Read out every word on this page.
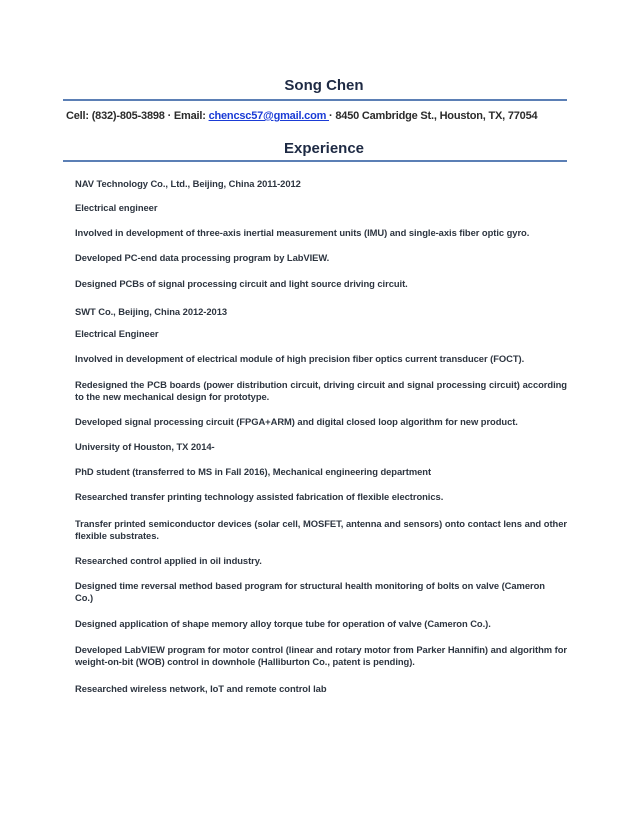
Song Chen
Cell: (832)-805-3898 · Email: chencsc57@gmail.com · 8450 Cambridge St., Houston, TX, 77054
Experience
NAV Technology Co., Ltd., Beijing, China 2011-2012
Electrical engineer
Involved in development of three-axis inertial measurement units (IMU) and single-axis fiber optic gyro.
Developed PC-end data processing program by LabVIEW.
Designed PCBs of signal processing circuit and light source driving circuit.
SWT Co., Beijing, China 2012-2013
Electrical Engineer
Involved in development of electrical module of high precision fiber optics current transducer (FOCT).
Redesigned the PCB boards (power distribution circuit, driving circuit and signal processing circuit) according to the new mechanical design for prototype.
Developed signal processing circuit (FPGA+ARM) and digital closed loop algorithm for new product.
University of Houston, TX 2014-
PhD student (transferred to MS in Fall 2016), Mechanical engineering department
Researched transfer printing technology assisted fabrication of flexible electronics.
Transfer printed semiconductor devices (solar cell, MOSFET, antenna and sensors) onto contact lens and other flexible substrates.
Researched control applied in oil industry.
Designed time reversal method based program for structural health monitoring of bolts on valve (Cameron Co.)
Designed application of shape memory alloy torque tube for operation of valve (Cameron Co.).
Developed LabVIEW program for motor control (linear and rotary motor from Parker Hannifin) and algorithm for weight-on-bit (WOB) control in downhole (Halliburton Co., patent is pending).
Researched wireless network, IoT and remote control lab
